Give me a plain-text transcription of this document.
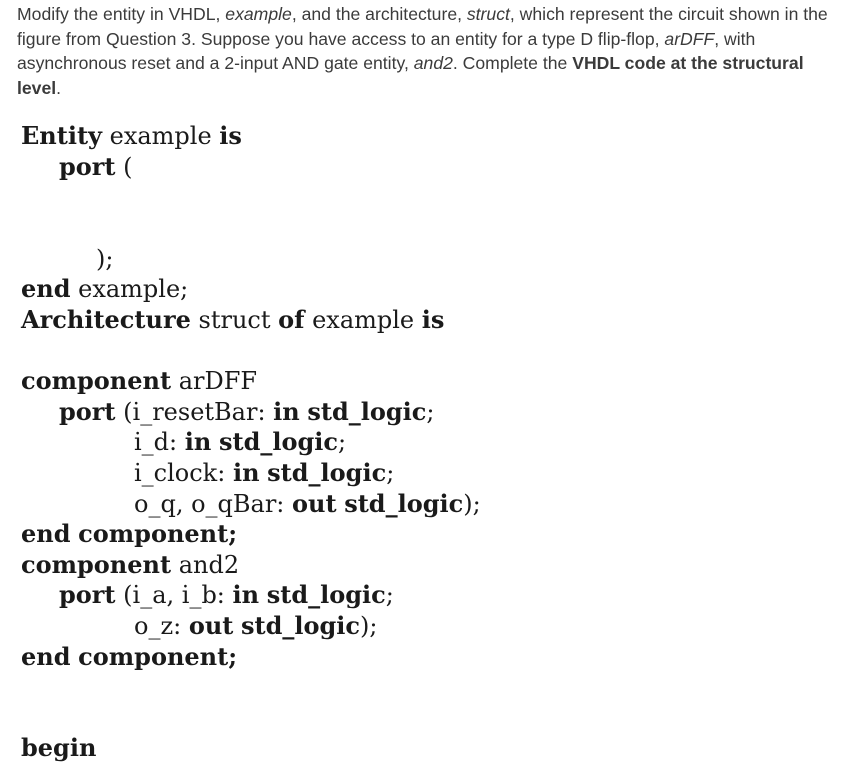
Modify the entity in VHDL, example, and the architecture, struct, which represent the circuit shown in the figure from Question 3. Suppose you have access to an entity for a type D flip-flop, arDFF, with asynchronous reset and a 2-input AND gate entity, and2. Complete the VHDL code at the structural level.

Entity example is

port (

);

end example;

Architecture struct of example is

component arDFF

port (i_resetBar: in std_logic;

i_d: in std_logic;

i_clock: in std_logic;

o_q, o_qBar: out std_logic);

end component;

component and2

port (i_a, i_b: in std_logic;

o_z: out std_logic);

end component;

begin
